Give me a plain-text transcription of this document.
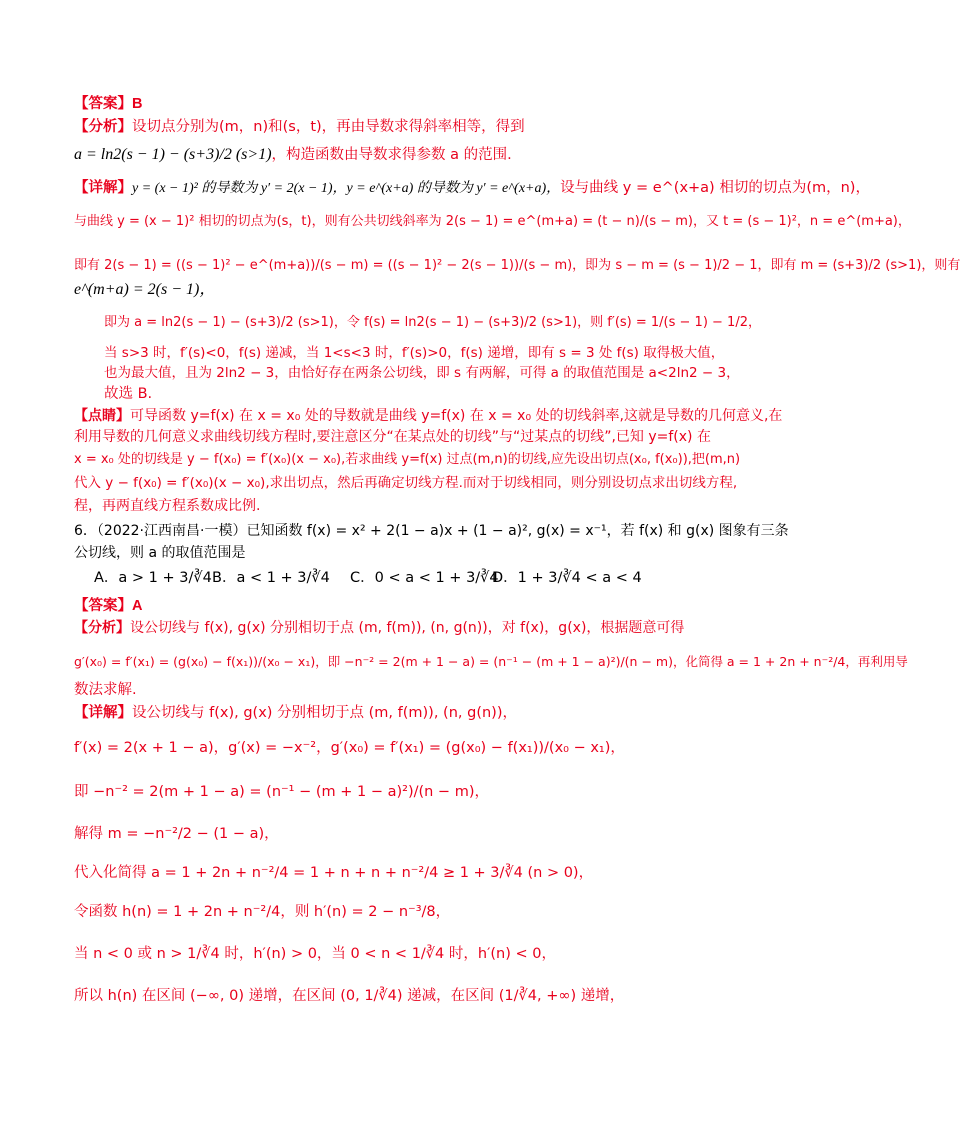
【答案】B
【分析】设切点分别为(m，n)和(s，t)，再由导数求得斜率相等，得到
a = ln2(s − 1) − (s+3)/2 (s>1)，构造函数由导数求得参数 a 的范围.
【详解】y = (x − 1)² 的导数为 y′ = 2(x − 1)，y = e^(x+a) 的导数为 y′ = e^(x+a)，设与曲线 y = e^(x+a) 相切的切点为(m，n)，
与曲线 y = (x − 1)² 相切的切点为(s，t)，则有公共切线斜率为 2(s − 1) = e^(m+a) = (t − n)/(s − m)，又 t = (s − 1)²，n = e^(m+a)，
即有 2(s − 1) = ((s − 1)² − e^(m+a))/(s − m) = ((s − 1)² − 2(s − 1))/(s − m)，即为 s − m = (s − 1)/2 − 1，即有 m = (s+3)/2 (s>1)，则有
e^(m+a) = 2(s − 1)，
即为 a = ln2(s − 1) − (s+3)/2 (s>1)，令 f(s) = ln2(s − 1) − (s+3)/2 (s>1)，则 f′(s) = 1/(s − 1) − 1/2，
当 s>3 时，f′(s)<0，f(s) 递减，当 1<s<3 时，f′(s)>0，f(s) 递增，即有 s = 3 处 f(s) 取得极大值，
也为最大值，且为 2ln2 − 3，由恰好存在两条公切线，即 s 有两解，可得 a 的取值范围是 a<2ln2 − 3，
故选 B.
【点睛】可导函数 y=f(x) 在 x = x₀ 处的导数就是曲线 y=f(x) 在 x = x₀ 处的切线斜率,这就是导数的几何意义,在
利用导数的几何意义求曲线切线方程时,要注意区分“在某点处的切线”与“过某点的切线”,已知 y=f(x) 在
x = x₀ 处的切线是 y − f(x₀) = f′(x₀)(x − x₀),若求曲线 y=f(x) 过点(m,n)的切线,应先设出切点(x₀, f(x₀)),把(m,n)
代入 y − f(x₀) = f′(x₀)(x − x₀),求出切点，然后再确定切线方程.而对于切线相同，则分别设切点求出切线方程,
程，再两直线方程系数成比例.
6．（2022·江西南昌·一模）已知函数 f(x) = x² + 2(1 − a)x + (1 − a)², g(x) = x⁻¹，若 f(x) 和 g(x) 图象有三条
公切线，则 a 的取值范围是
A．a > 1 + 3/∛4 B．a < 1 + 3/∛4 C．0 < a < 1 + 3/∛4
D．1 + 3/∛4 < a < 4
【答案】A
【分析】设公切线与 f(x), g(x) 分别相切于点 (m, f(m)), (n, g(n))，对 f(x)，g(x)，根据题意可得
g′(x₀) = f′(x₁) = (g(x₀) − f(x₁))/(x₀ − x₁)，即 −n⁻² = 2(m + 1 − a) = (n⁻¹ − (m + 1 − a)²)/(n − m)，化简得 a = 1 + 2n + n⁻²/4，再利用导
数法求解.
【详解】设公切线与 f(x), g(x) 分别相切于点 (m, f(m)), (n, g(n))，
f′(x) = 2(x + 1 − a)，g′(x) = −x⁻²，g′(x₀) = f′(x₁) = (g(x₀) − f(x₁))/(x₀ − x₁)，
即 −n⁻² = 2(m + 1 − a) = (n⁻¹ − (m + 1 − a)²)/(n − m)，
解得 m = −n⁻²/2 − (1 − a)，
代入化简得 a = 1 + 2n + n⁻²/4 = 1 + n + n + n⁻²/4 ≥ 1 + 3/∛4 (n > 0)，
令函数 h(n) = 1 + 2n + n⁻²/4，则 h′(n) = 2 − n⁻³/8，
当 n < 0 或 n > 1/∛4 时，h′(n) > 0，当 0 < n < 1/∛4 时，h′(n) < 0，
所以 h(n) 在区间 (−∞, 0) 递增，在区间 (0, 1/∛4) 递减，在区间 (1/∛4, +∞) 递增，
